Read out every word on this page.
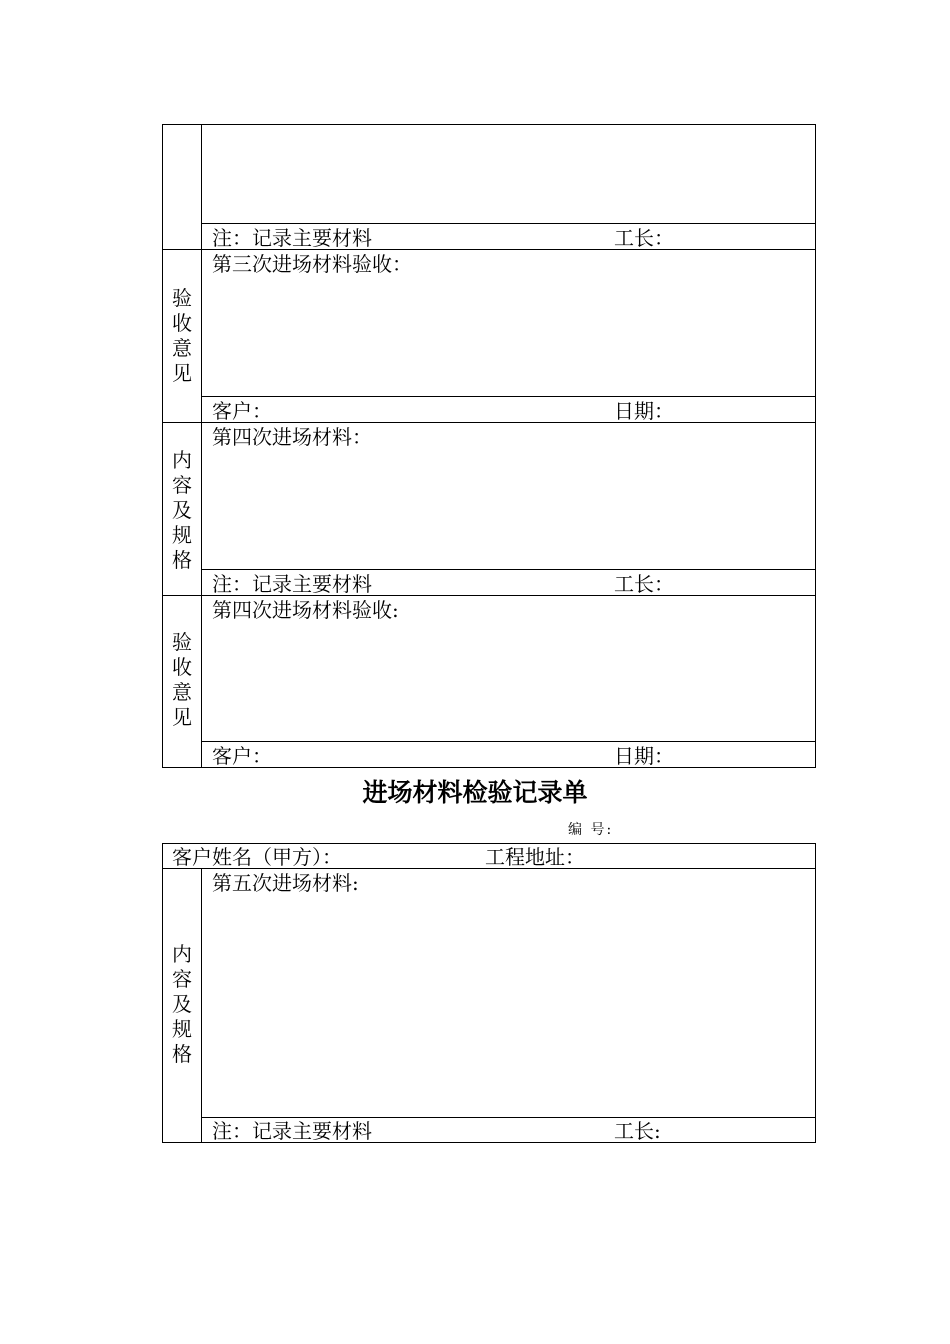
注：记录主要材料	工长：
验
收
意
见
第三次进场材料验收：
客户：	日期：
内
容
及
规
格
第四次进场材料：
注：记录主要材料	工长：
验
收
意
见
第四次进场材料验收:
客户：	日期：
进场材料检验记录单
编 号:
客户姓名（甲方）：	工程地址：
内
容
及
规
格
第五次进场材料:
注：记录主要材料	工长:
